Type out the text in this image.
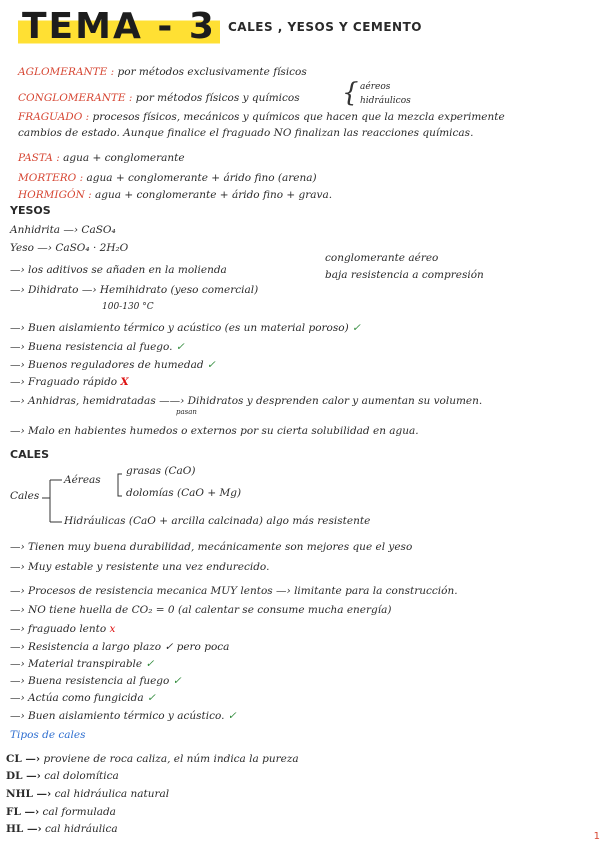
TEMA - 3	CALES , YESOS Y CEMENTO
AGLOMERANTE : por métodos exclusivamente físicos
CONGLOMERANTE : por métodos físicos y químicos { aéreos
hidráulicos
FRAGUADO : procesos físicos, mecánicos y químicos que hacen que la mezcla experimente
cambios de estado. Aunque finalice el fraguado NO finalizan las reacciones químicas.
PASTA : agua + conglomerante
MORTERO : agua + conglomerante + árido fino (arena)
HORMIGÓN : agua + conglomerante + árido fino + grava.
YESOS
Anhidrita —› CaSO₄
Yeso —› CaSO₄ · 2H₂O
—› los aditivos se añaden en la molienda
conglomerante aéreo
baja resistencia a compresión
—› Dihidrato —› Hemihidrato (yeso comercial)
100-130 °C
—› Buen aislamiento térmico y acústico (es un material poroso) ✓
—› Buena resistencia al fuego. ✓
—› Buenos reguladores de humedad ✓
—› Fraguado rápido X
—› Anhidras, hemidratadas ——› Dihidratos y desprenden calor y aumentan su volumen.
pasan
—› Malo en habientes humedos o externos por su cierta solubilidad en agua.
CALES
Cales
Aéreas
grasas (CaO)
dolomías (CaO + Mg)
Hidráulicas (CaO + arcilla calcinada) algo más resistente
—› Tienen muy buena durabilidad, mecánicamente son mejores que el yeso
—› Muy estable y resistente una vez endurecido.
—› Procesos de resistencia mecanica MUY lentos —› limitante para la construcción.
—› NO tiene huella de CO₂ = 0 (al calentar se consume mucha energía)
—› fraguado lento x
—› Resistencia a largo plazo ✓ pero poca
—› Material transpirable ✓
—› Buena resistencia al fuego ✓
—› Actúa como fungicida ✓
—› Buen aislamiento térmico y acústico. ✓
Tipos de cales
CL —› proviene de roca caliza, el núm indica la pureza
DL —› cal dolomítica
NHL —› cal hidráulica natural
FL —› cal formulada
HL —› cal hidráulica
1
